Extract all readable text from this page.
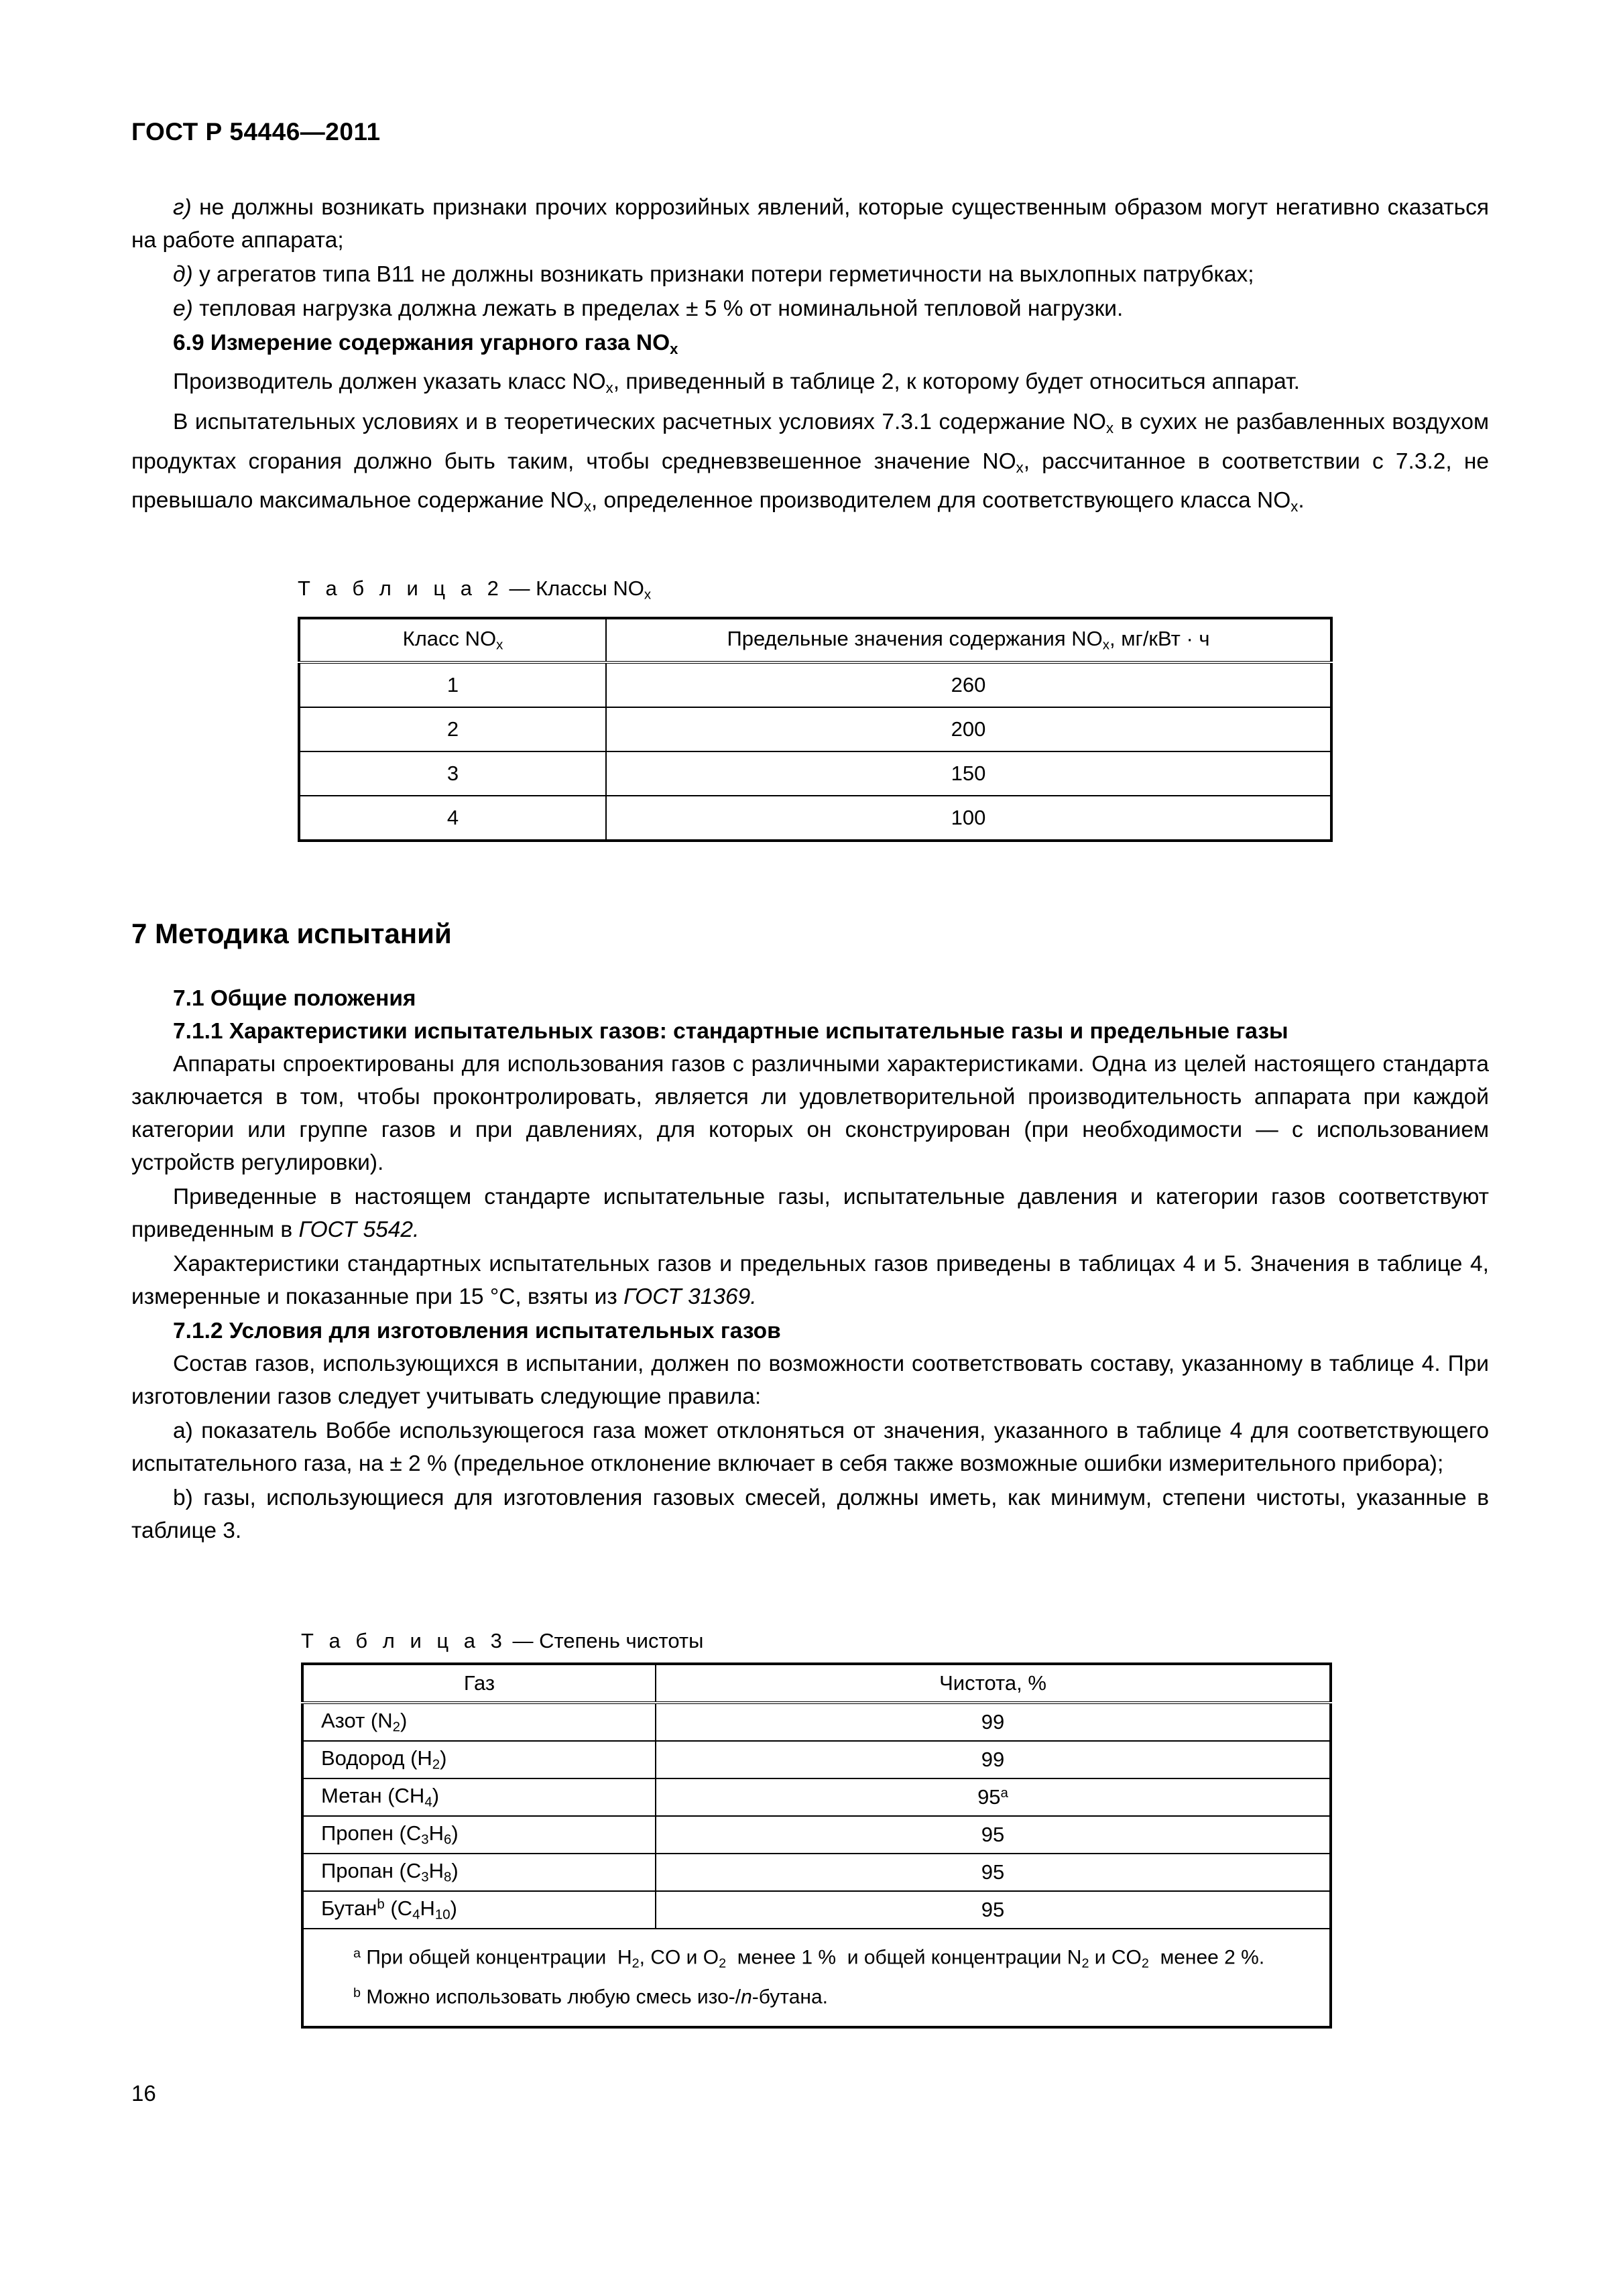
ГОСТ Р 54446—2011

г) не должны возникать признаки прочих коррозийных явлений, которые существенным образом могут негативно сказаться на работе аппарата;

д) у агрегатов типа B11 не должны возникать признаки потери герметичности на выхлопных патрубках;

е) тепловая нагрузка должна лежать в пределах ± 5 % от номинальной тепловой нагрузки.

6.9 Измерение содержания угарного газа $NO_x$

Производитель должен указать класс $NO_x$, приведенный в таблице 2, к которому будет относиться аппарат.

В испытательных условиях и в теоретических расчетных условиях 7.3.1 содержание $NO_x$ в сухих не разбавленных воздухом продуктах сгорания должно быть таким, чтобы средневзвешенное значение $NO_x$, рассчитанное в соответствии с 7.3.2, не превышало максимальное содержание $NO_x$, определенное производителем для соответствующего класса $NO_x$.

7 Методика испытаний
7.1 Общие положения
7.1.1 Характеристики испытательных газов: стандартные испытательные газы и предельные газы

Аппараты спроектированы для использования газов с различными характеристиками. Одна из целей настоящего стандарта заключается в том, чтобы проконтролировать, является ли удовлетворительной производительность аппарата при каждой категории или группе газов и при давлениях, для которых он сконструирован (при необходимости — с использованием устройств регулировки).

Приведенные в настоящем стандарте испытательные газы, испытательные давления и категории газов соответствуют приведенным в ГОСТ 5542.

Характеристики стандартных испытательных газов и предельных газов приведены в таблицах 4 и 5. Значения в таблице 4, измеренные и показанные при 15 °C, взяты из ГОСТ 31369.

7.1.2 Условия для изготовления испытательных газов

Состав газов, использующихся в испытании, должен по возможности соответствовать составу, указанному в таблице 4. При изготовлении газов следует учитывать следующие правила:

a) показатель Воббе использующегося газа может отклоняться от значения, указанного в таблице 4 для соответствующего испытательного газа, на ± 2 % (предельное отклонение включает в себя также возможные ошибки измерительного прибора);

b) газы, использующиеся для изготовления газовых смесей, должны иметь, как минимум, степени чистоты, указанные в таблице 3.

Т а б л и ц а 2 — Классы $NO_x$
Класс $NO_x$	Предельные значения содержания $NO_x$, мг/кВт · ч
1	260
2	200
3	150
4	100
Т а б л и ц а 3 — Степень чистоты
Газ	Чистота, %
Азот $(N_2)$	99
Водород $(H_2)$	99
Метан $(CH_4)$	95$^a$
Пропен $(C_3H_6)$	95
Пропан $(C_3H_8)$	95
Бутан$^b$ $(C_4H_{10})$	95

$^a$ При общей концентрации  $H_2$, CO и $O_2$  менее 1 %  и общей концентрации $N_2$ и $CO_2$  менее 2 %.

$^b$ Можно использовать любую смесь изо-/n-бутана.	

16
